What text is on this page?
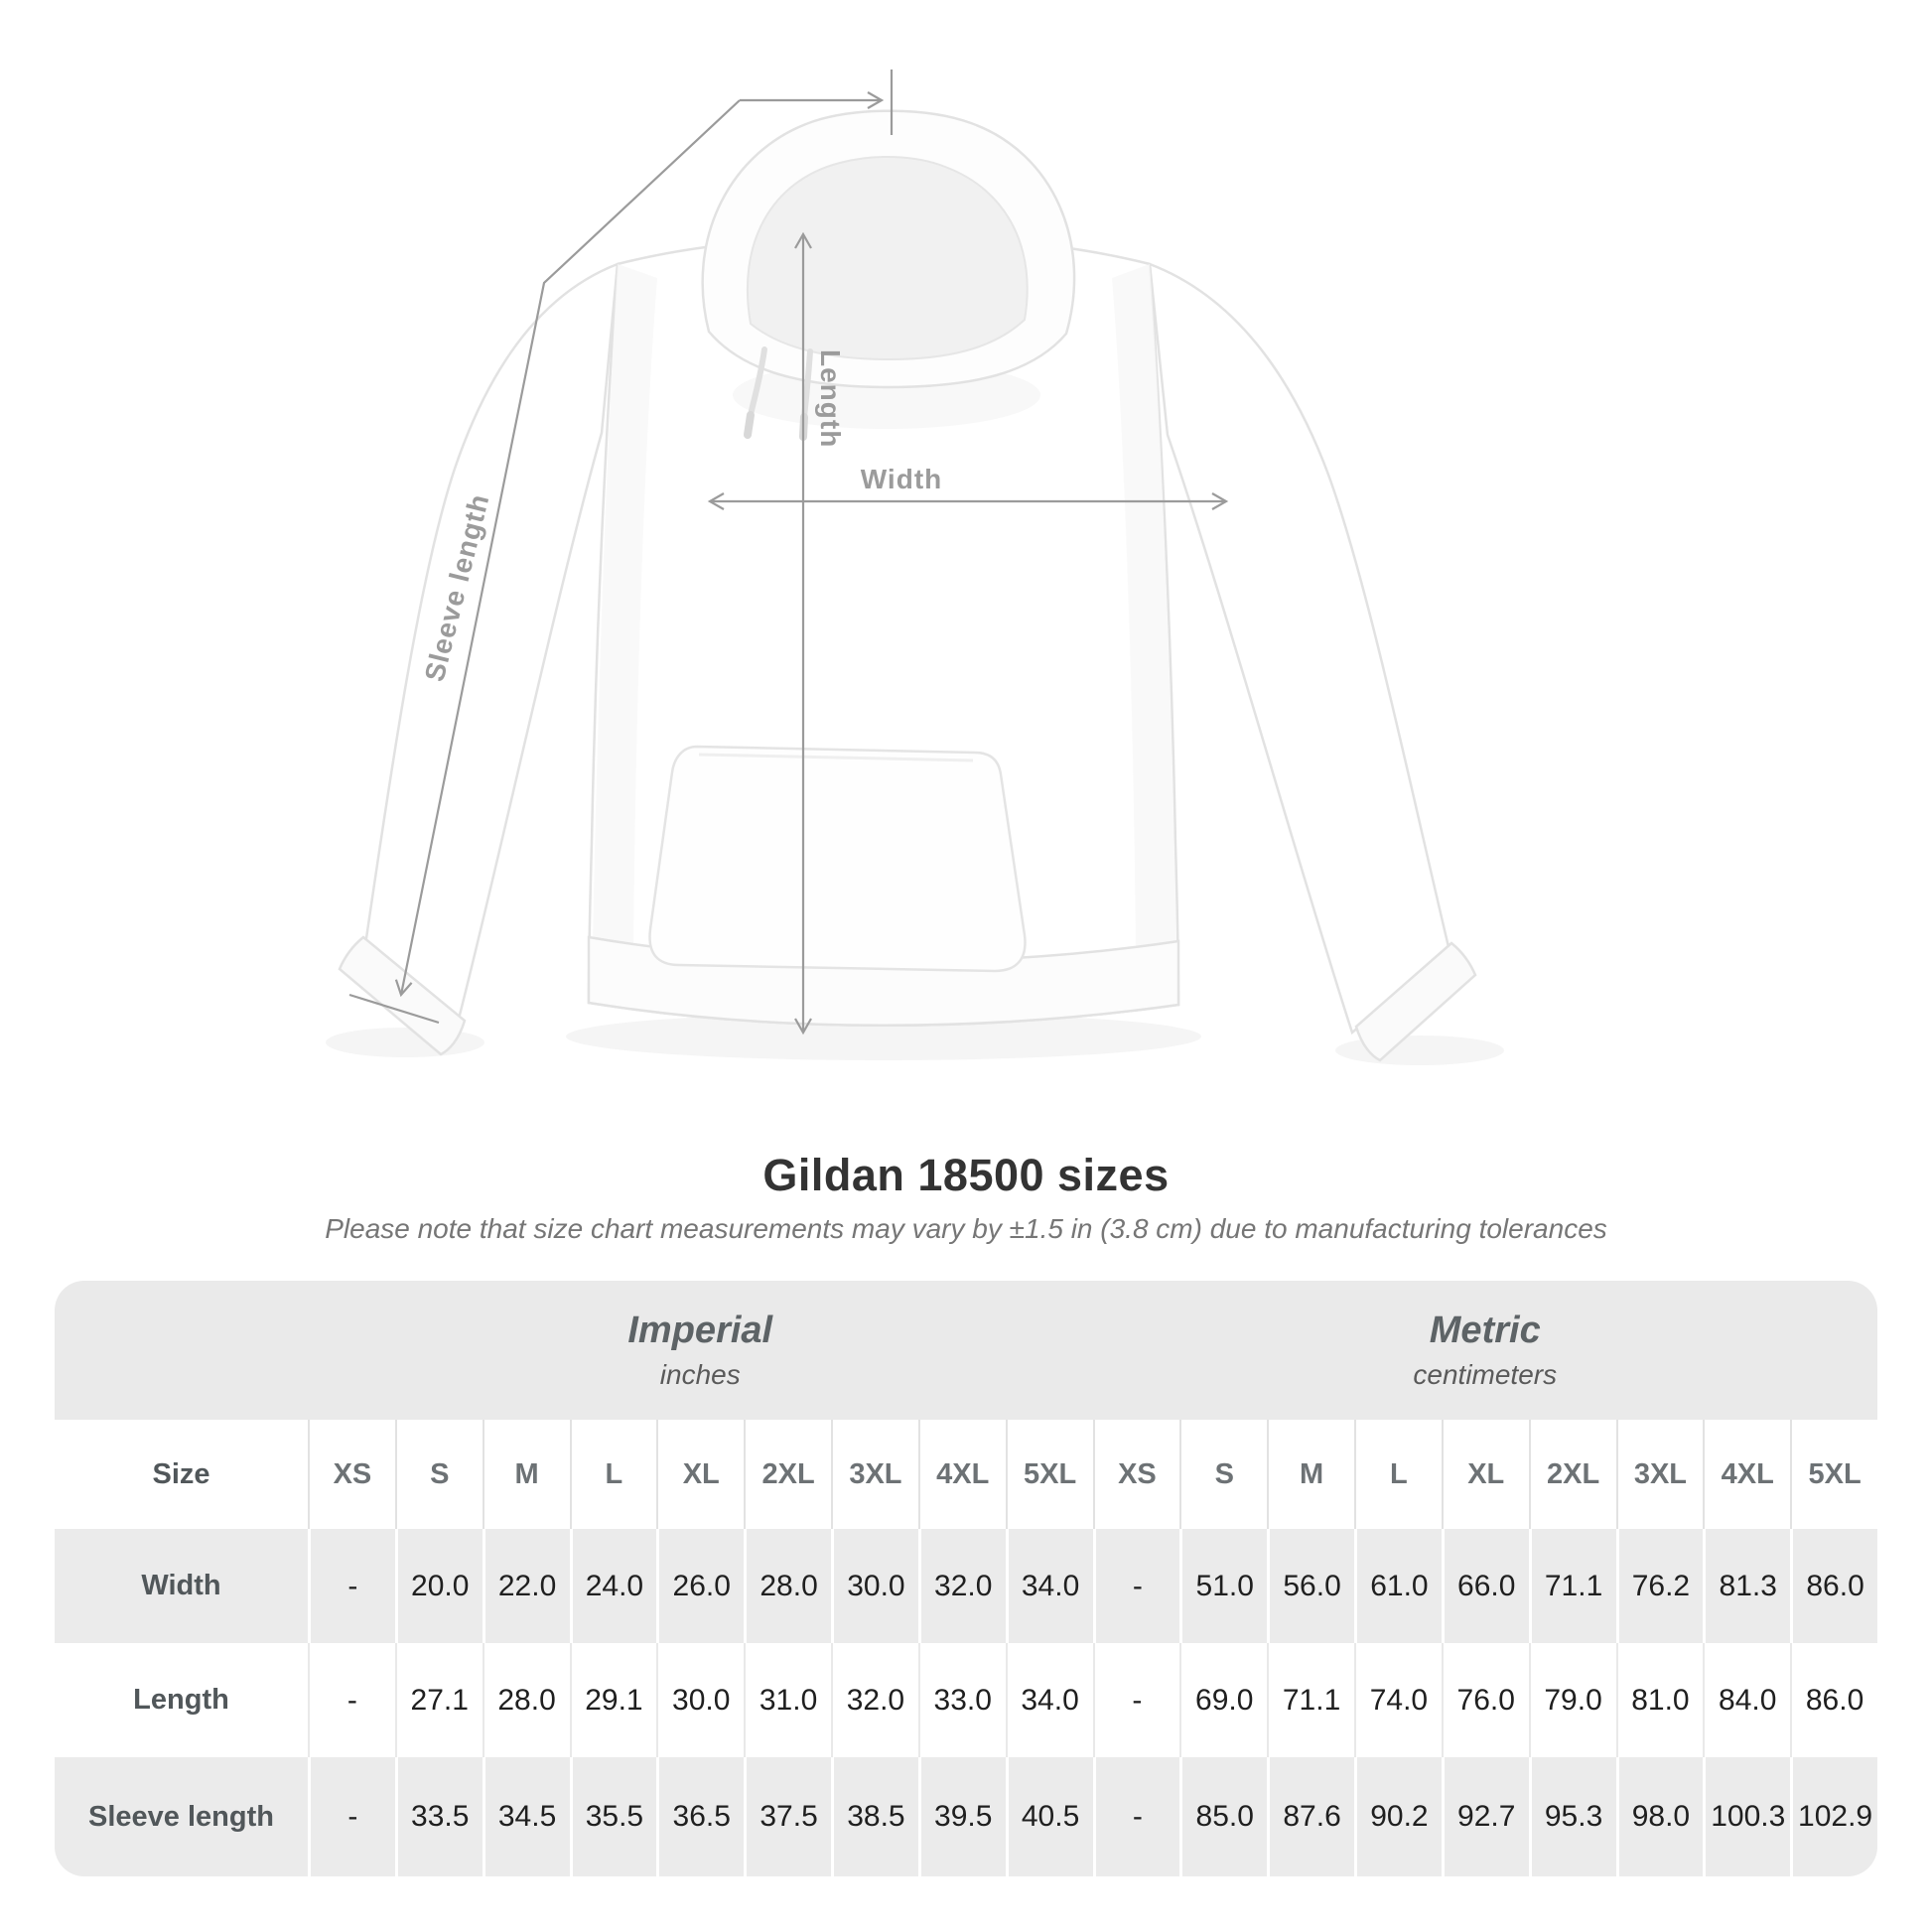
Width
Length
Sleeve length
Gildan 18500 sizes
Please note that size chart measurements may vary by ±1.5 in (3.8 cm) due to manufacturing tolerances
Imperial
inches
Metric
centimeters
Size	XS	S	M	L	XL	2XL	3XL	4XL	5XL	XS	S	M	L	XL	2XL	3XL	4XL	5XL
Width	-	20.0 22.0 24.0 26.0 28.0 30.0 32.0 34.0	-	51.0 56.0 61.0 66.0 71.1 76.2 81.3 86.0
Length	-	27.1 28.0 29.1 30.0 31.0 32.0 33.0 34.0	-	69.0 71.1 74.0 76.0 79.0 81.0 84.0 86.0
Sleeve length	-	33.5 34.5 35.5 36.5 37.5 38.5 39.5 40.5	-	85.0 87.6 90.2 92.7 95.3 98.0 100.3 102.9
